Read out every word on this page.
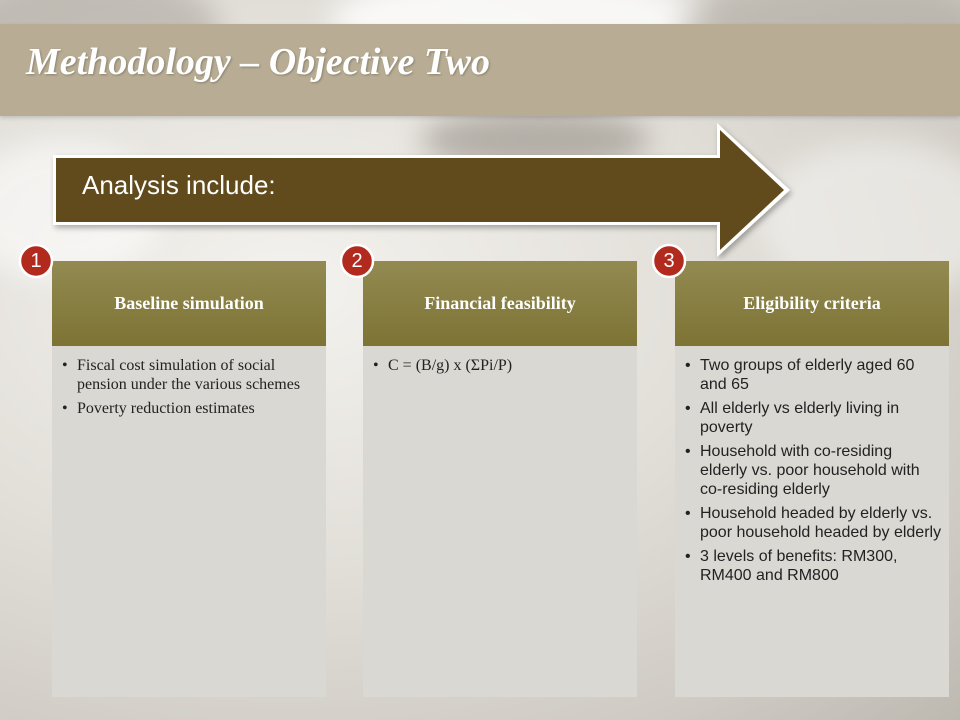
Methodology – Objective Two
Analysis include:
Baseline simulation
• Fiscal cost simulation of social pension under the various schemes
• Poverty reduction estimates
Financial feasibility
• C = (B/g) x (ΣPi/P)
Eligibility criteria
• Two groups of elderly aged 60 and 65
• All elderly vs elderly living in poverty
• Household with co-residing elderly vs. poor household with co-residing elderly
• Household headed by elderly vs. poor household headed by elderly
• 3 levels of benefits: RM300, RM400 and RM800
1	2	3
